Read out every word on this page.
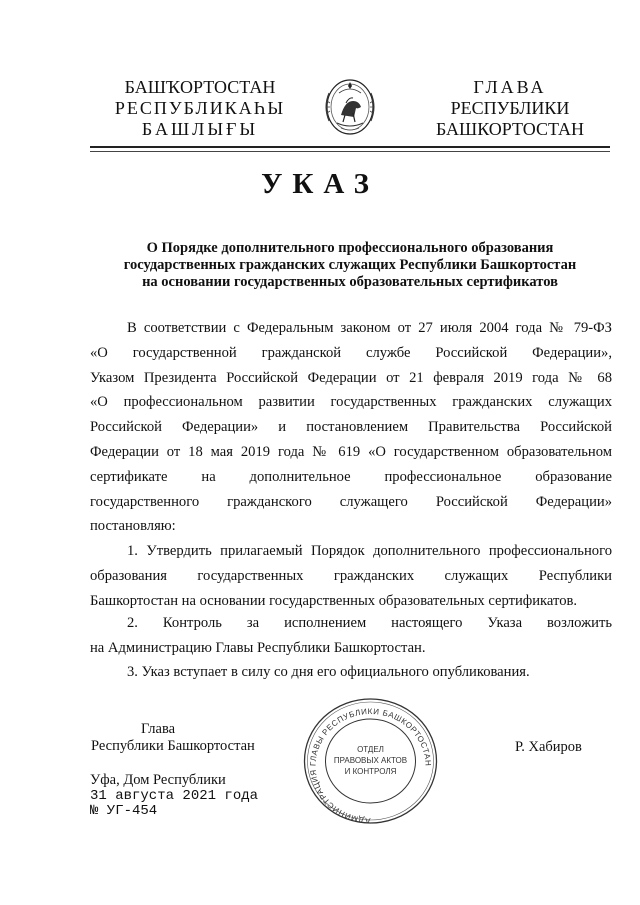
БАШҠОРТОСТАН
РЕСПУБЛИКАҺЫ
БАШЛЫҒЫ
ГЛАВА
РЕСПУБЛИКИ
БАШКОРТОСТАН
УКАЗ
О Порядке дополнительного профессионального образования
государственных гражданских служащих Республики Башкортостан
на основании государственных образовательных сертификатов
В соответствии с Федеральным законом от 27 июля 2004 года № 79-ФЗ
«О государственной гражданской службе Российской Федерации»,
Указом Президента Российской Федерации от 21 февраля 2019 года № 68
«О профессиональном развитии государственных гражданских служащих
Российской Федерации» и постановлением Правительства Российской
Федерации от 18 мая 2019 года № 619 «О государственном образовательном
сертификате на дополнительное профессиональное образование
государственного гражданского служащего Российской Федерации»
постановляю:
1. Утвердить прилагаемый Порядок дополнительного профессионального
образования государственных гражданских служащих Республики
Башкортостан на основании государственных образовательных сертификатов.
2. Контроль за исполнением настоящего Указа возложить
на Администрацию Главы Республики Башкортостан.
3. Указ вступает в силу со дня его официального опубликования.
Глава
Республики Башкортостан	Р. Хабиров
АДМИНИСТРАЦИЯ ГЛАВЫ РЕСПУБЛИКИ БАШКОРТОСТАН
ОТДЕЛ
ПРАВОВЫХ АКТОВ
И КОНТРОЛЯ
Уфа, Дом Республики
31 августа 2021 года
№ УГ-454
